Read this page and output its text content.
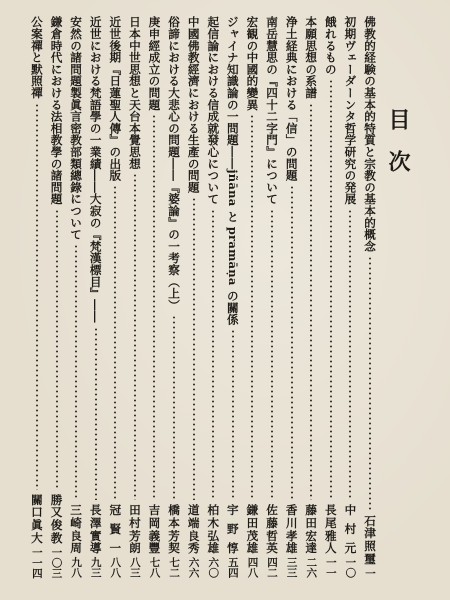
目次
佛教的経験の基本的特質と宗教の基本的概念
石
津
照
璽
一
初期ヴェーダーンタ哲学研究の発展
中
村
元
一〇
餓れるもの
長
尾
雅
人
一一
本願思想の系譜
藤
田
宏
達
二六
浄土経典における「信」の問題
香
川
孝
雄
三三
南岳慧思の『四十二字門』について
佐
藤
哲
英
四二
宏観の中國的變異
鎌
田
茂
雄
四八
ジャイナ知識論の一問題――jñāna と pramāṇa の關係
宇
野
惇
五四
起信論における信成就發心について
柏
木
弘
雄
六〇
中國佛教經濟における生產の問題
道
端
良
秀
六六
俗諦における大悲心の問題――『婆論』の一考察（上）
橋
本
芳
契
七二
庚申經成立の問題
吉
岡
義
豐
七八
日本中世思想と天台本覺思想
田
村
芳
朗
八三
近世後期『日蓮聖人傳』の出版
冠
賢
一
八八
近世における梵語學の一業績――大寂の『梵漢標目』――
長
澤
實
導
九三
安然の諸問題製眞言密教部類總錄について
三
崎
良
周
九八
鎌倉時代における法相教學の諸問題
勝
又
俊
教
一〇三
公案禪と默照禪
關
口
眞
大
一一四
